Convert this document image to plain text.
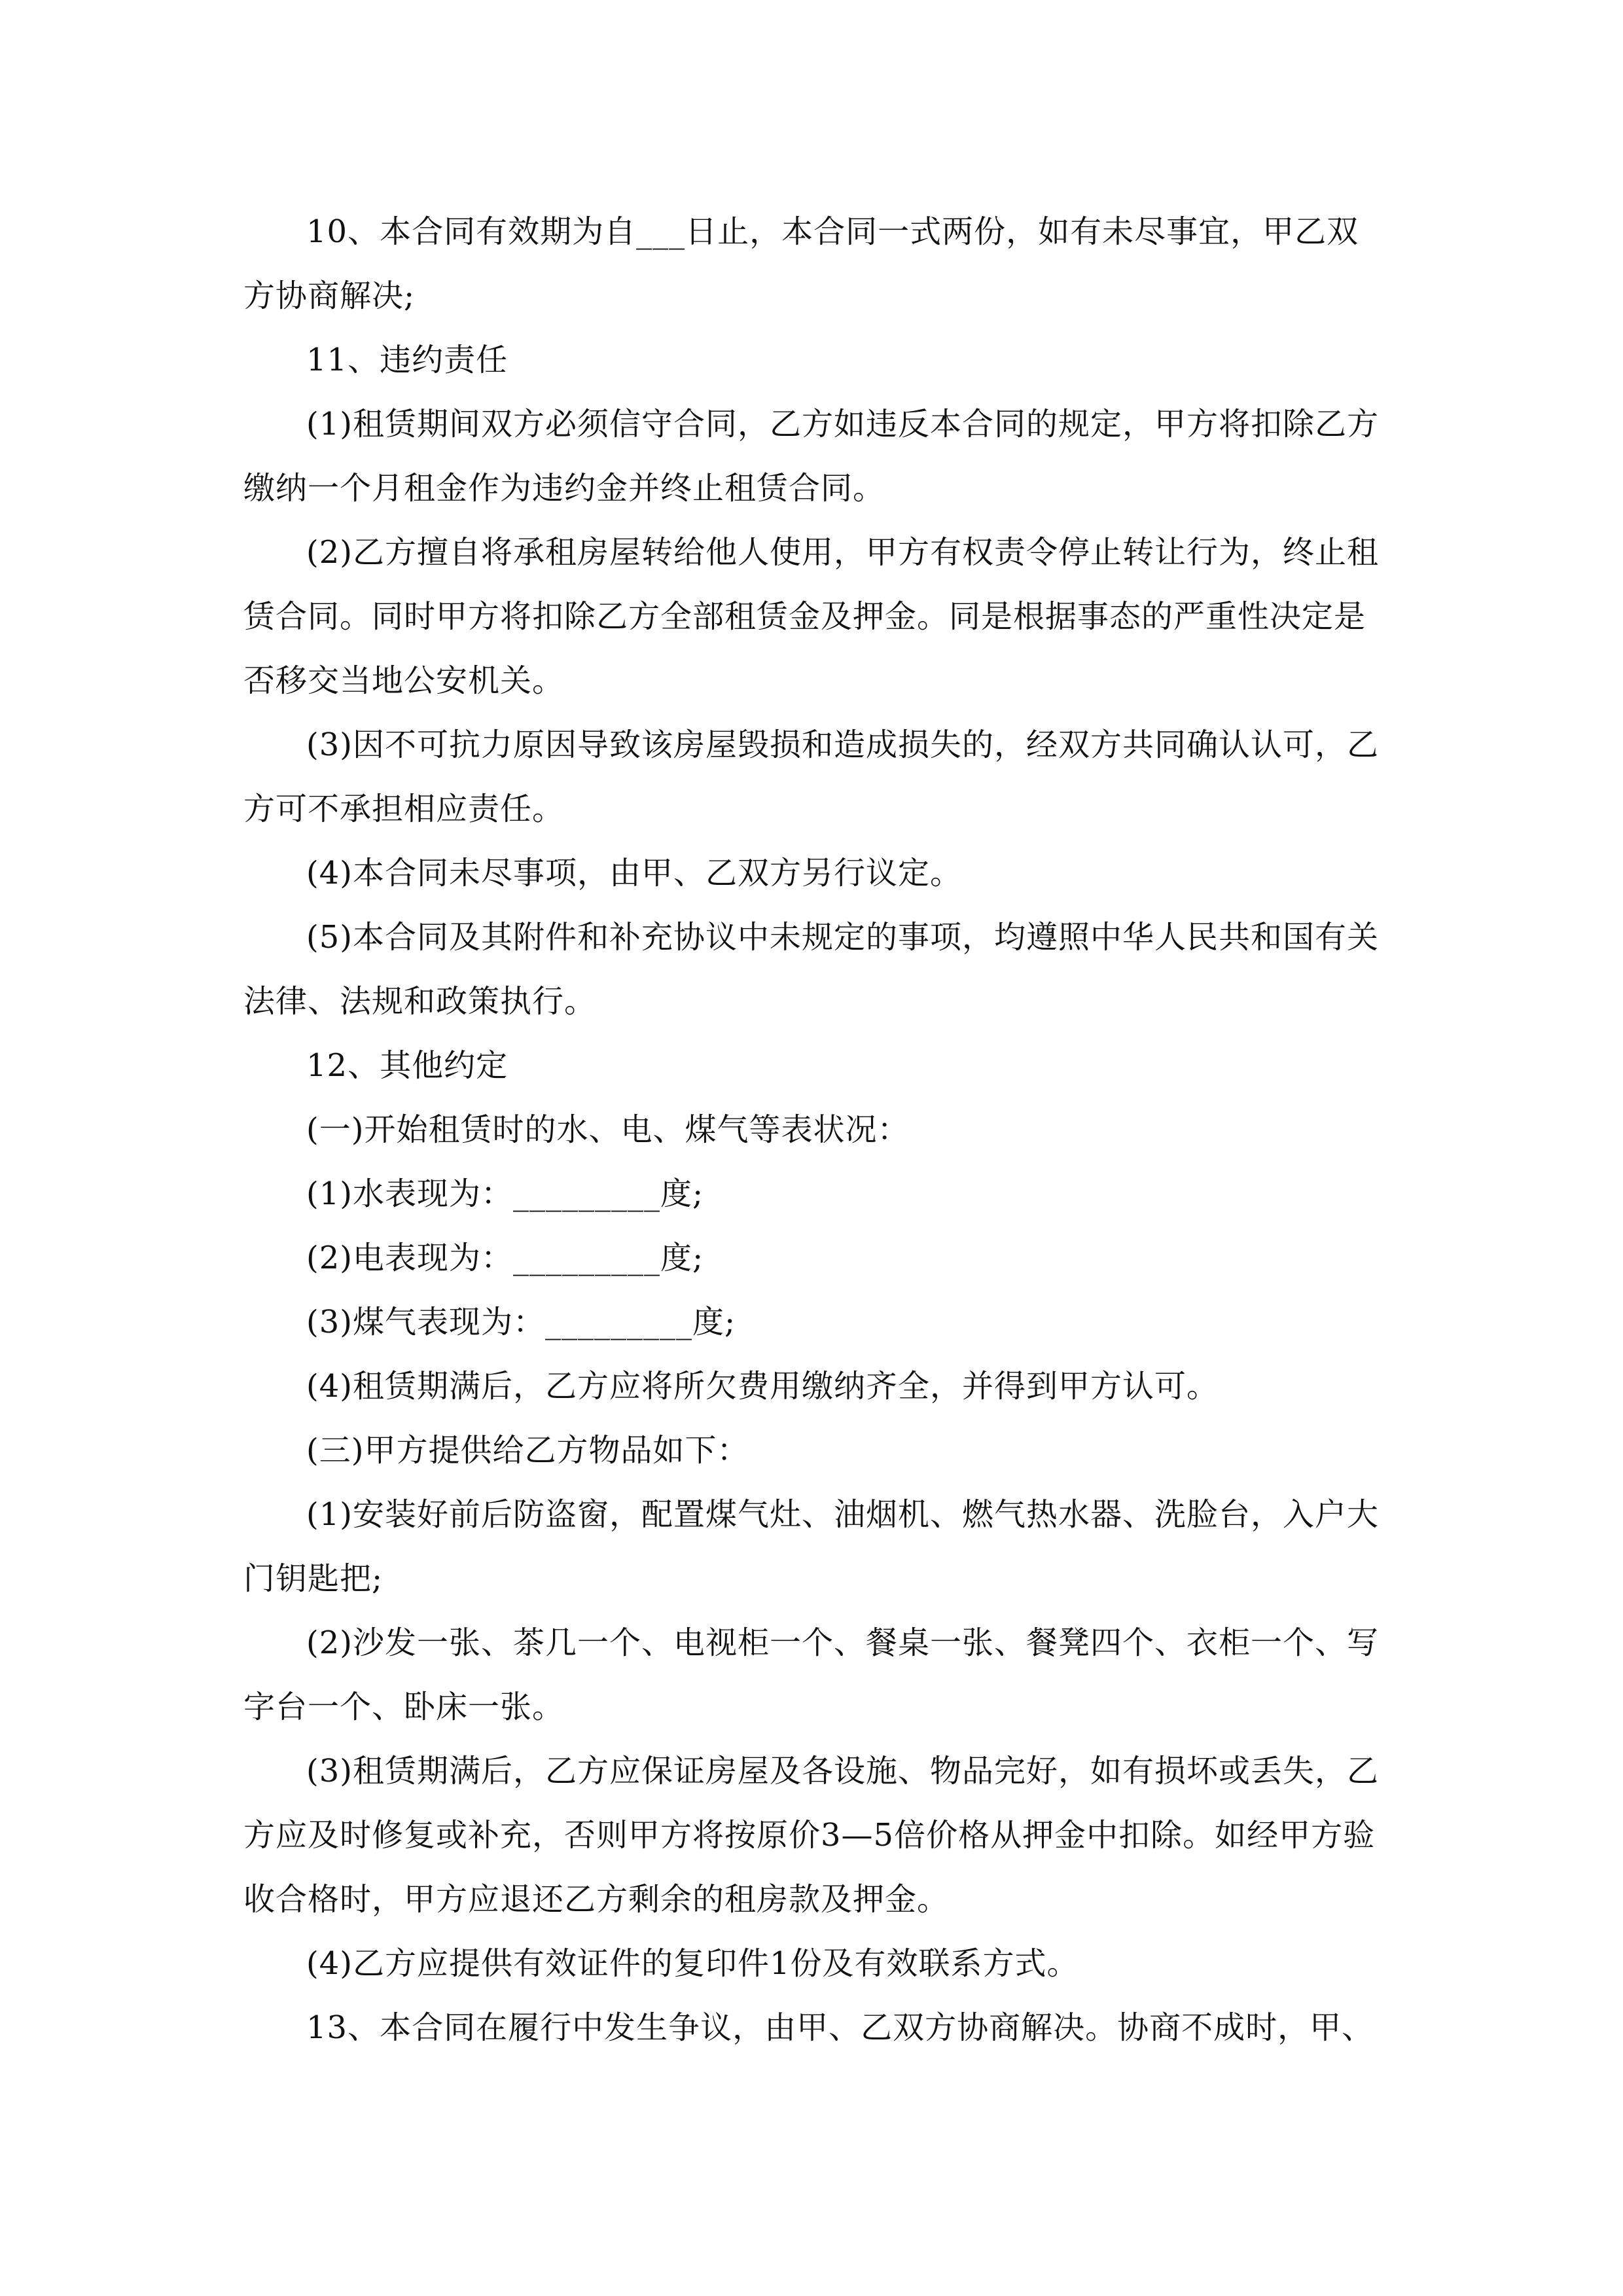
10、本合同有效期为自___日止，本合同一式两份，如有未尽事宜，甲乙双方协商解决;

11、违约责任

(1)租赁期间双方必须信守合同，乙方如违反本合同的规定，甲方将扣除乙方缴纳一个月租金作为违约金并终止租赁合同。

(2)乙方擅自将承租房屋转给他人使用，甲方有权责令停止转让行为，终止租赁合同。同时甲方将扣除乙方全部租赁金及押金。同是根据事态的严重性决定是否移交当地公安机关。

(3)因不可抗力原因导致该房屋毁损和造成损失的，经双方共同确认认可，乙方可不承担相应责任。

(4)本合同未尽事项，由甲、乙双方另行议定。

(5)本合同及其附件和补充协议中未规定的事项，均遵照中华人民共和国有关法律、法规和政策执行。

12、其他约定

(一)开始租赁时的水、电、煤气等表状况：

(1)水表现为：_________度;

(2)电表现为：_________度;

(3)煤气表现为：_________度;

(4)租赁期满后，乙方应将所欠费用缴纳齐全，并得到甲方认可。

(三)甲方提供给乙方物品如下：

(1)安装好前后防盗窗，配置煤气灶、油烟机、燃气热水器、洗脸台，入户大门钥匙把;

(2)沙发一张、茶几一个、电视柜一个、餐桌一张、餐凳四个、衣柜一个、写字台一个、卧床一张。

(3)租赁期满后，乙方应保证房屋及各设施、物品完好，如有损坏或丢失，乙方应及时修复或补充，否则甲方将按原价3—5倍价格从押金中扣除。如经甲方验收合格时，甲方应退还乙方剩余的租房款及押金。

(4)乙方应提供有效证件的复印件1份及有效联系方式。

13、本合同在履行中发生争议，由甲、乙双方协商解决。协商不成时，甲、
